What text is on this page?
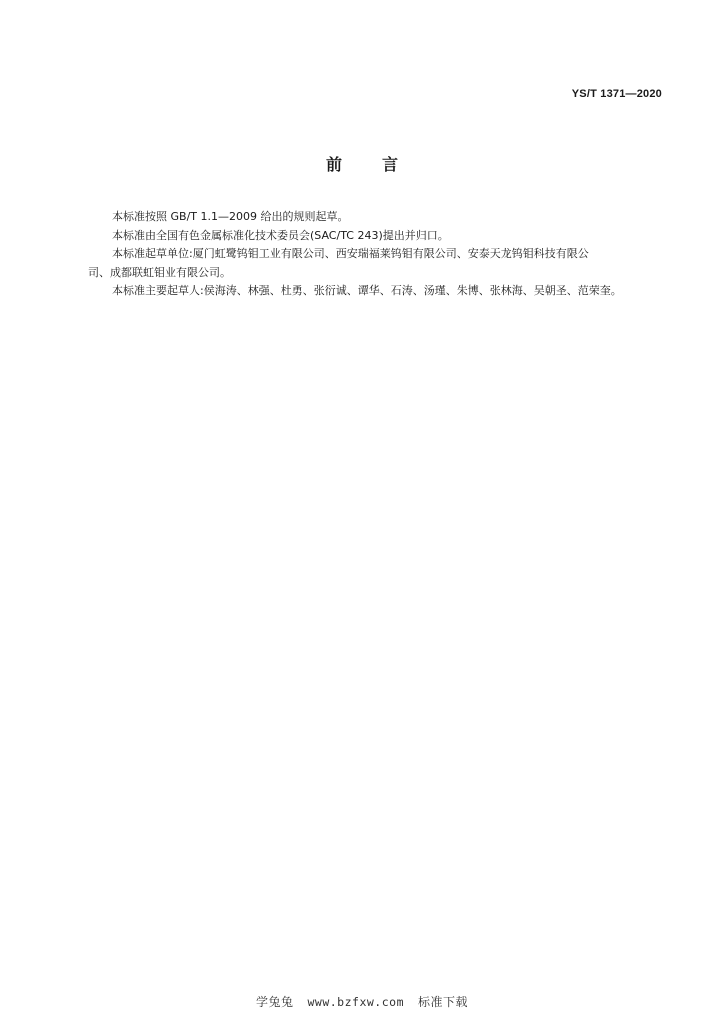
YS/T 1371—2020
前言

本标准按照 GB/T 1.1—2009 给出的规则起草。

本标准由全国有色金属标准化技术委员会(SAC/TC 243)提出并归口。

本标准起草单位:厦门虹鹭钨钼工业有限公司、西安瑞福莱钨钼有限公司、安泰天龙钨钼科技有限公
司、成都联虹钼业有限公司。

本标准主要起草人:侯海涛、林强、杜勇、张衍诚、谭华、石涛、汤瑾、朱博、张林海、吴朝圣、范荣奎。

学兔兔 www.bzfxw.com 标准下载
